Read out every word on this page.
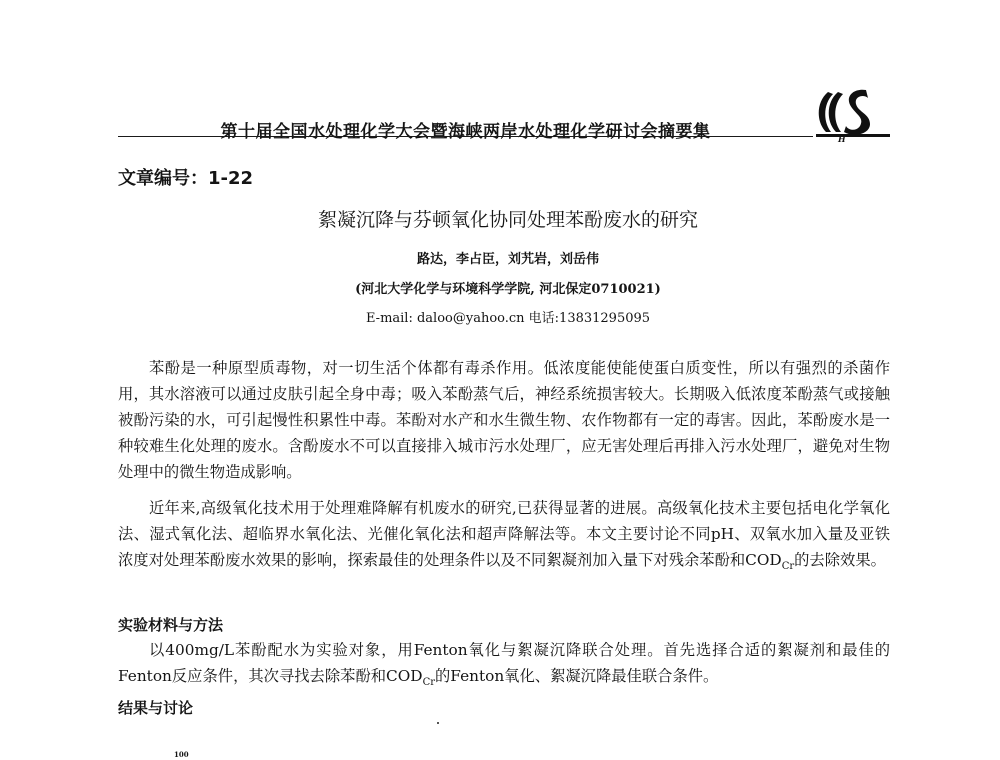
第十届全国水处理化学大会暨海峡两岸水处理化学研讨会摘要集	H
文章编号：1-22
絮凝沉降与芬顿氧化协同处理苯酚废水的研究
路达，李占臣，刘艽岩，刘岳伟
(河北大学化学与环境科学学院, 河北保定0710021)
E-mail: daloo@yahoo.cn 电话:13831295095

苯酚是一种原型质毒物，对一切生活个体都有毒杀作用。低浓度能使能使蛋白质变性，所以有强烈的杀菌作用，其水溶液可以通过皮肤引起全身中毒；吸入苯酚蒸气后，神经系统损害较大。长期吸入低浓度苯酚蒸气或接触被酚污染的水，可引起慢性积累性中毒。苯酚对水产和水生微生物、农作物都有一定的毒害。因此，苯酚废水是一种较难生化处理的废水。含酚废水不可以直接排入城市污水处理厂，应无害处理后再排入污水处理厂，避免对生物处理中的微生物造成影响。

近年来,高级氧化技术用于处理难降解有机废水的研究,已获得显著的进展。高级氧化技术主要包括电化学氧化法、湿式氧化法、超临界水氧化法、光催化氧化法和超声降解法等。本文主要讨论不同pH、双氧水加入量及亚铁浓度对处理苯酚废水效果的影响，探索最佳的处理条件以及不同絮凝剂加入量下对残余苯酚和$COD_{Cr}$的去除效果。

实验材料与方法

以400mg/L苯酚配水为实验对象，用Fenton氧化与絮凝沉降联合处理。首先选择合适的絮凝剂和最佳的Fenton反应条件，其次寻找去除苯酚和$COD_{Cr}$的Fenton氧化、絮凝沉降最佳联合条件。

结果与讨论
100
